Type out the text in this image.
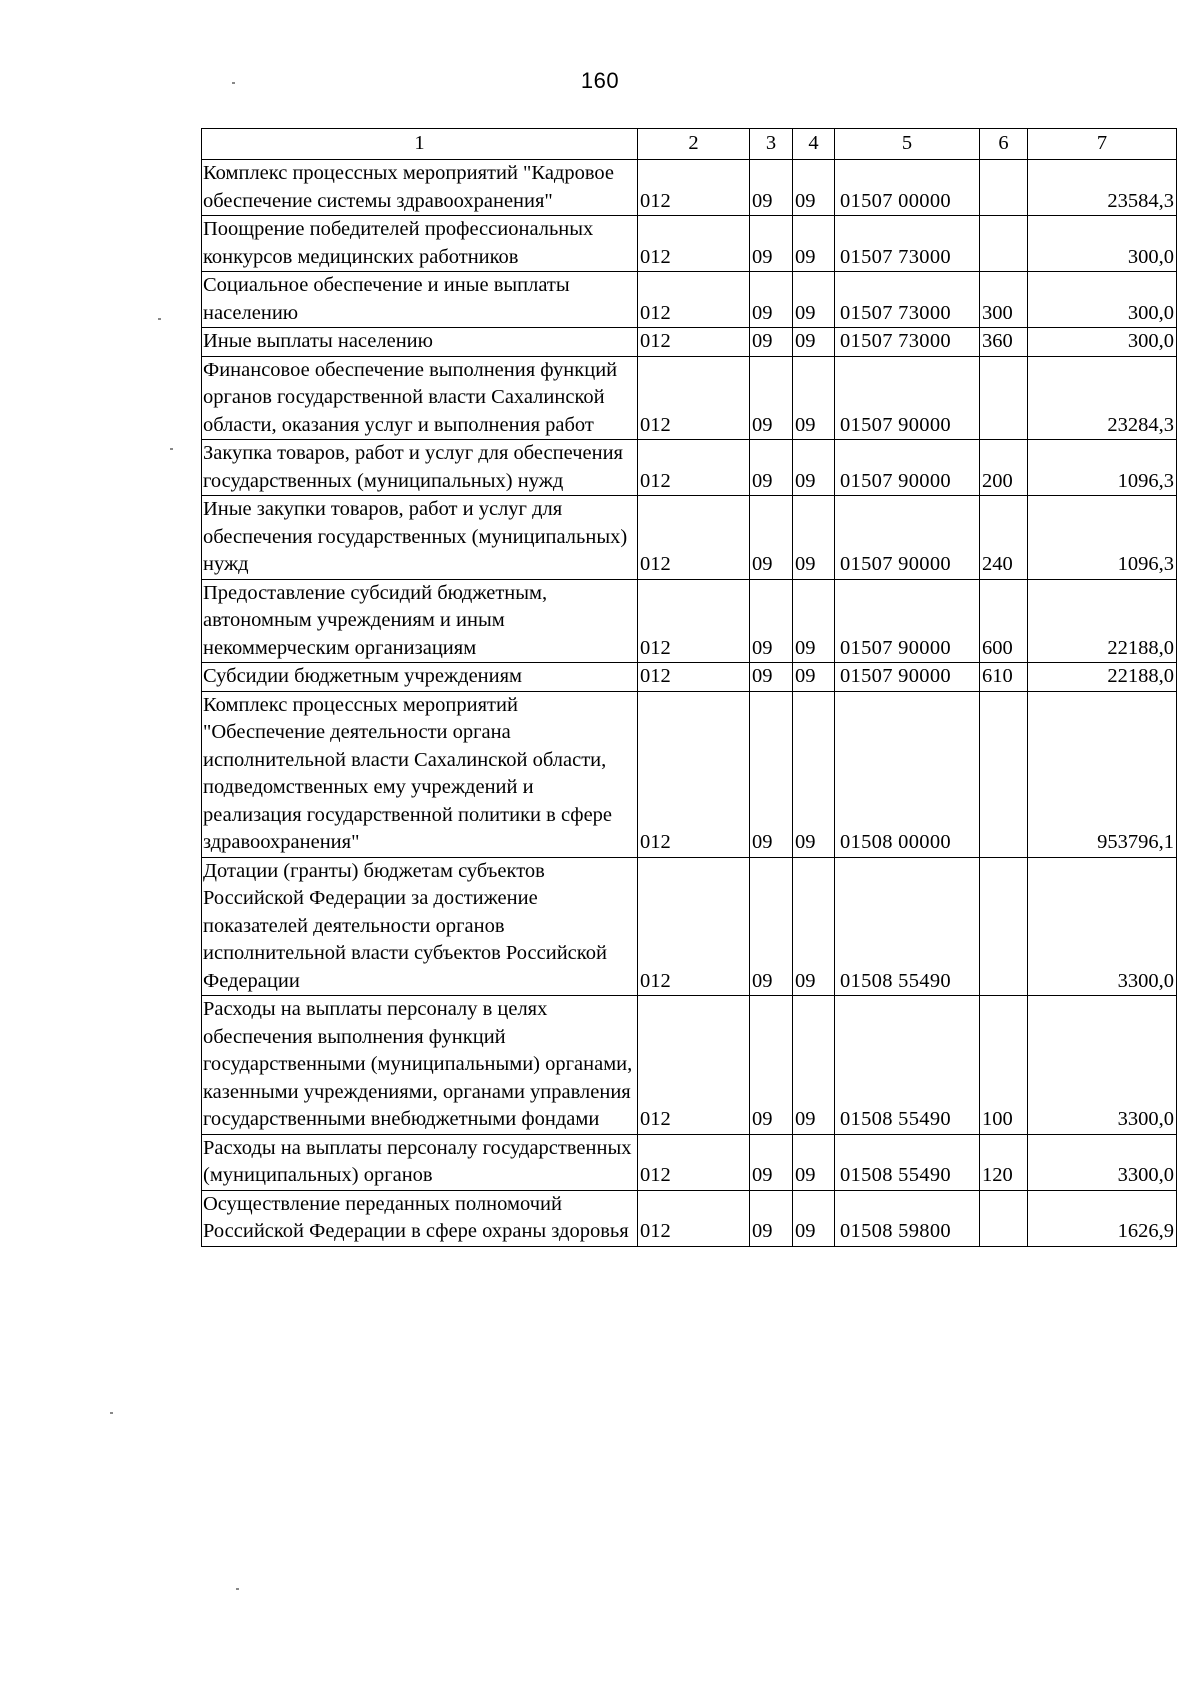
160
1	2	3	4	5	6	7
Комплекс процессных мероприятий "Кадровое обеспечение системы здравоохранения"	012	09	09	01507 00000		23584,3
Поощрение победителей профессиональных конкурсов медицинских работников	012	09	09	01507 73000		300,0
Социальное обеспечение и иные выплаты населению	012	09	09	01507 73000	300	300,0
Иные выплаты населению	012	09	09	01507 73000	360	300,0
Финансовое обеспечение выполнения функций органов государственной власти Сахалинской области, оказания услуг и выполнения работ	012	09	09	01507 90000		23284,3
Закупка товаров, работ и услуг для обеспечения государственных (муниципальных) нужд	012	09	09	01507 90000	200	1096,3
Иные закупки товаров, работ и услуг для обеспечения государственных (муниципальных) нужд	012	09	09	01507 90000	240	1096,3
Предоставление субсидий бюджетным, автономным учреждениям и иным некоммерческим организациям	012	09	09	01507 90000	600	22188,0
Субсидии бюджетным учреждениям	012	09	09	01507 90000	610	22188,0
Комплекс процессных мероприятий "Обеспечение деятельности органа исполнительной власти Сахалинской области, подведомственных ему учреждений и реализация государственной политики в сфере здравоохранения"	012	09	09	01508 00000		953796,1
Дотации (гранты) бюджетам субъектов Российской Федерации за достижение показателей деятельности органов исполнительной власти субъектов Российской Федерации	012	09	09	01508 55490		3300,0
Расходы на выплаты персоналу в целях обеспечения выполнения функций государственными (муниципальными) органами, казенными учреждениями, органами управления государственными внебюджетными фондами	012	09	09	01508 55490	100	3300,0
Расходы на выплаты персоналу государственных (муниципальных) органов	012	09	09	01508 55490	120	3300,0
Осуществление переданных полномочий Российской Федерации в сфере охраны здоровья	012	09	09	01508 59800		1626,9
